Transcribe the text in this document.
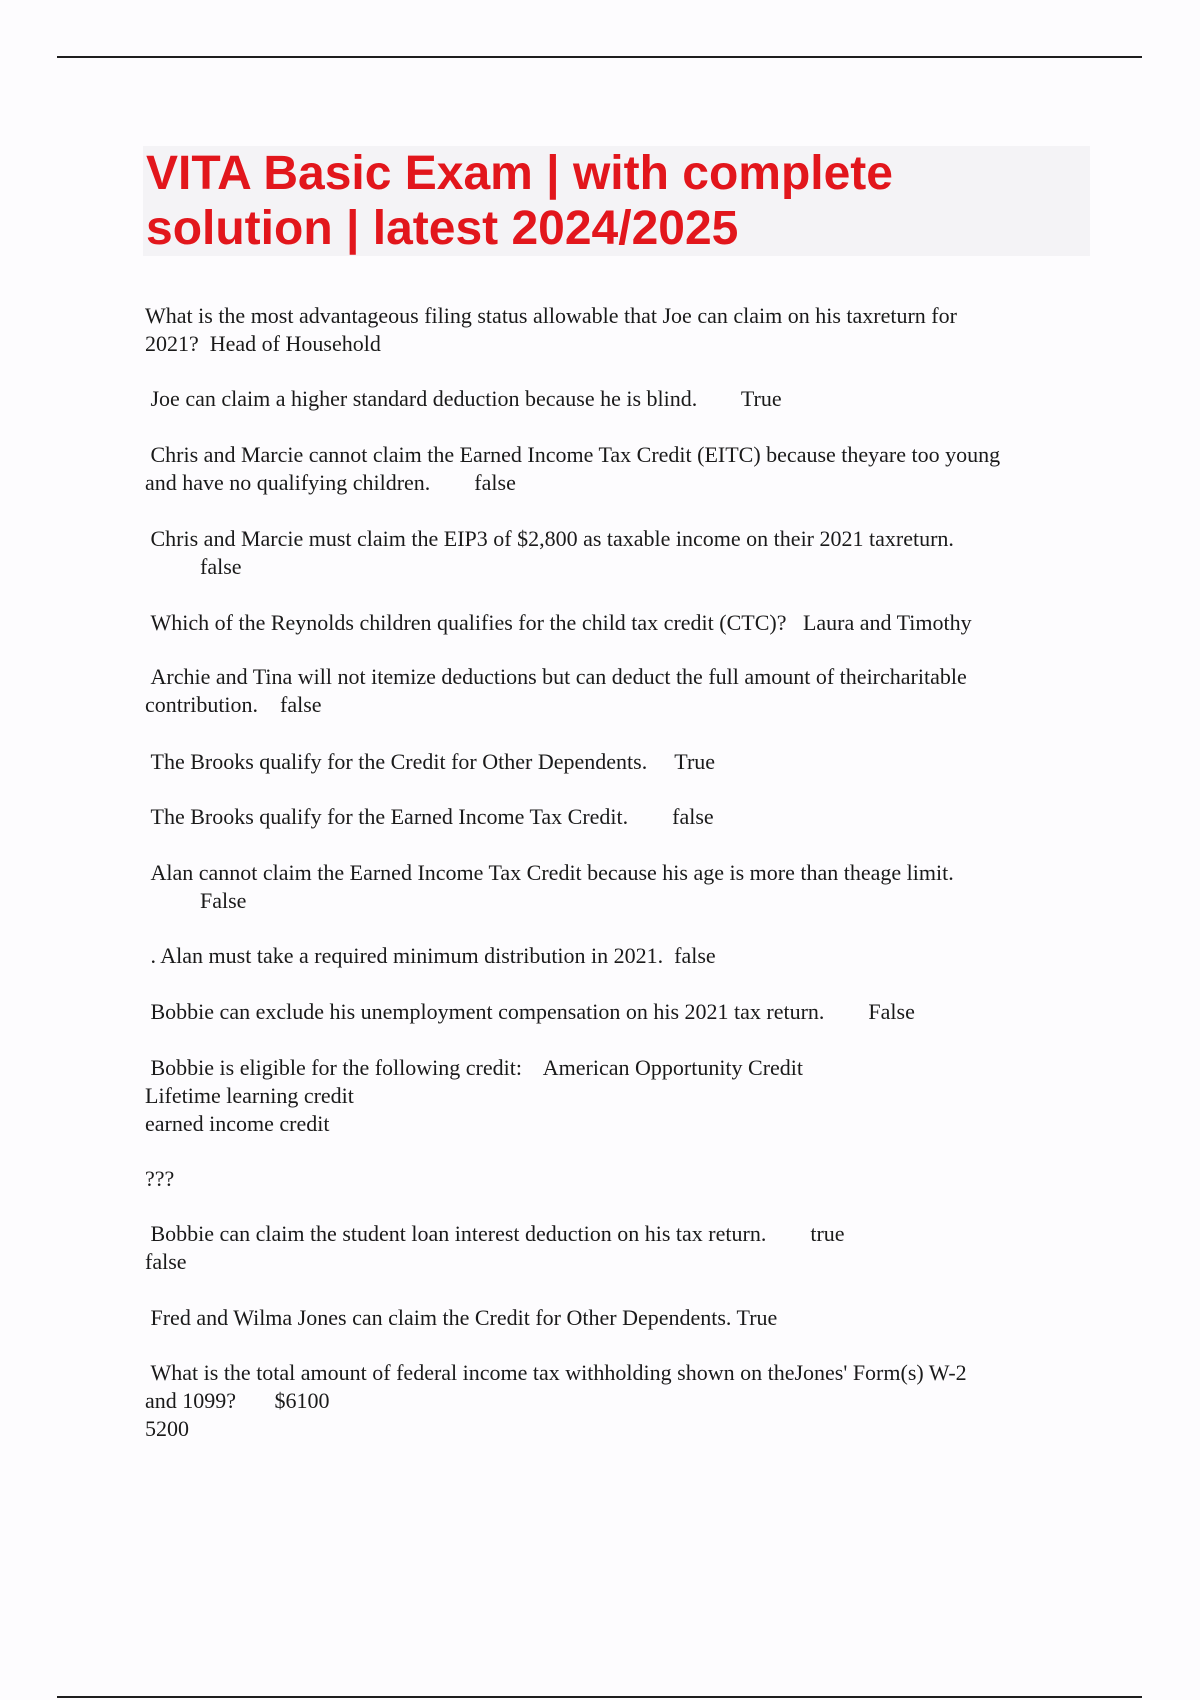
VITA Basic Exam | with complete solution | latest 2024/2025
What is the most advantageous filing status allowable that Joe can claim on his taxreturn for
2021?  Head of Household
Joe can claim a higher standard deduction because he is blind.        True
Chris and Marcie cannot claim the Earned Income Tax Credit (EITC) because theyare too young
and have no qualifying children.        false
Chris and Marcie must claim the EIP3 of $2,800 as taxable income on their 2021 taxreturn.
false
Which of the Reynolds children qualifies for the child tax credit (CTC)?   Laura and Timothy
Archie and Tina will not itemize deductions but can deduct the full amount of theircharitable
contribution.    false
The Brooks qualify for the Credit for Other Dependents.     True
The Brooks qualify for the Earned Income Tax Credit.        false
Alan cannot claim the Earned Income Tax Credit because his age is more than theage limit.
False
. Alan must take a required minimum distribution in 2021.  false
Bobbie can exclude his unemployment compensation on his 2021 tax return.        False
Bobbie is eligible for the following credit:    American Opportunity Credit
Lifetime learning credit
earned income credit
???
Bobbie can claim the student loan interest deduction on his tax return.        true
false
Fred and Wilma Jones can claim the Credit for Other Dependents. True
What is the total amount of federal income tax withholding shown on theJones' Form(s) W-2
and 1099?       $6100
5200
